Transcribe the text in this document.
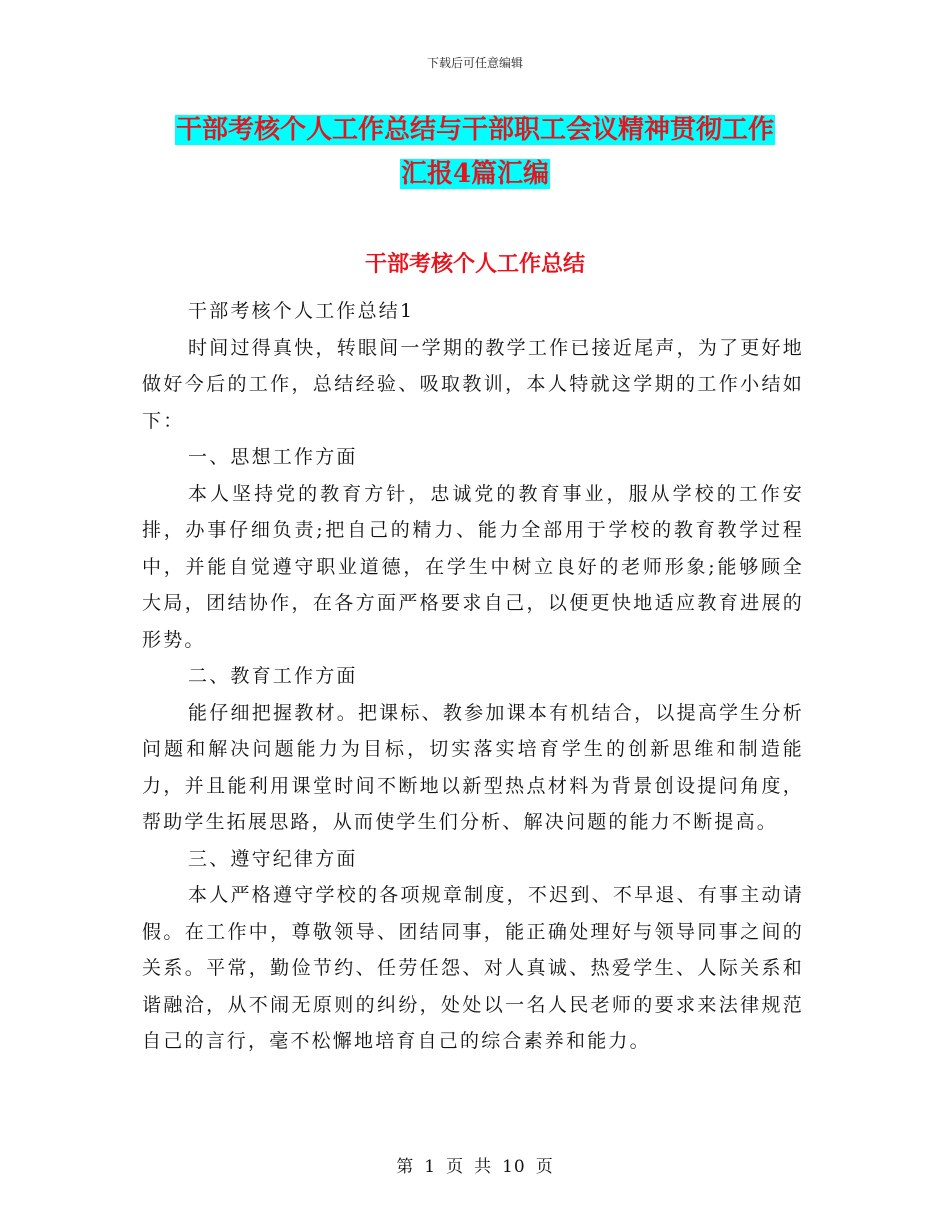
下载后可任意编辑
干部考核个人工作总结与干部职工会议精神贯彻工作
汇报4篇汇编
干部考核个人工作总结

干部考核个人工作总结1

时间过得真快，转眼间一学期的教学工作已接近尾声，为了更好地做好今后的工作，总结经验、吸取教训，本人特就这学期的工作小结如下：

一、思想工作方面

本人坚持党的教育方针，忠诚党的教育事业，服从学校的工作安排，办事仔细负责;把自己的精力、能力全部用于学校的教育教学过程中，并能自觉遵守职业道德，在学生中树立良好的老师形象;能够顾全大局，团结协作，在各方面严格要求自己，以便更快地适应教育进展的形势。

二、教育工作方面

能仔细把握教材。把课标、教参加课本有机结合，以提高学生分析问题和解决问题能力为目标，切实落实培育学生的创新思维和制造能力，并且能利用课堂时间不断地以新型热点材料为背景创设提问角度，帮助学生拓展思路，从而使学生们分析、解决问题的能力不断提高。

三、遵守纪律方面

本人严格遵守学校的各项规章制度，不迟到、不早退、有事主动请假。在工作中，尊敬领导、团结同事，能正确处理好与领导同事之间的关系。平常，勤俭节约、任劳任怨、对人真诚、热爱学生、人际关系和谐融洽，从不闹无原则的纠纷，处处以一名人民老师的要求来法律规范自己的言行，毫不松懈地培育自己的综合素养和能力。

第 1 页 共 10 页
